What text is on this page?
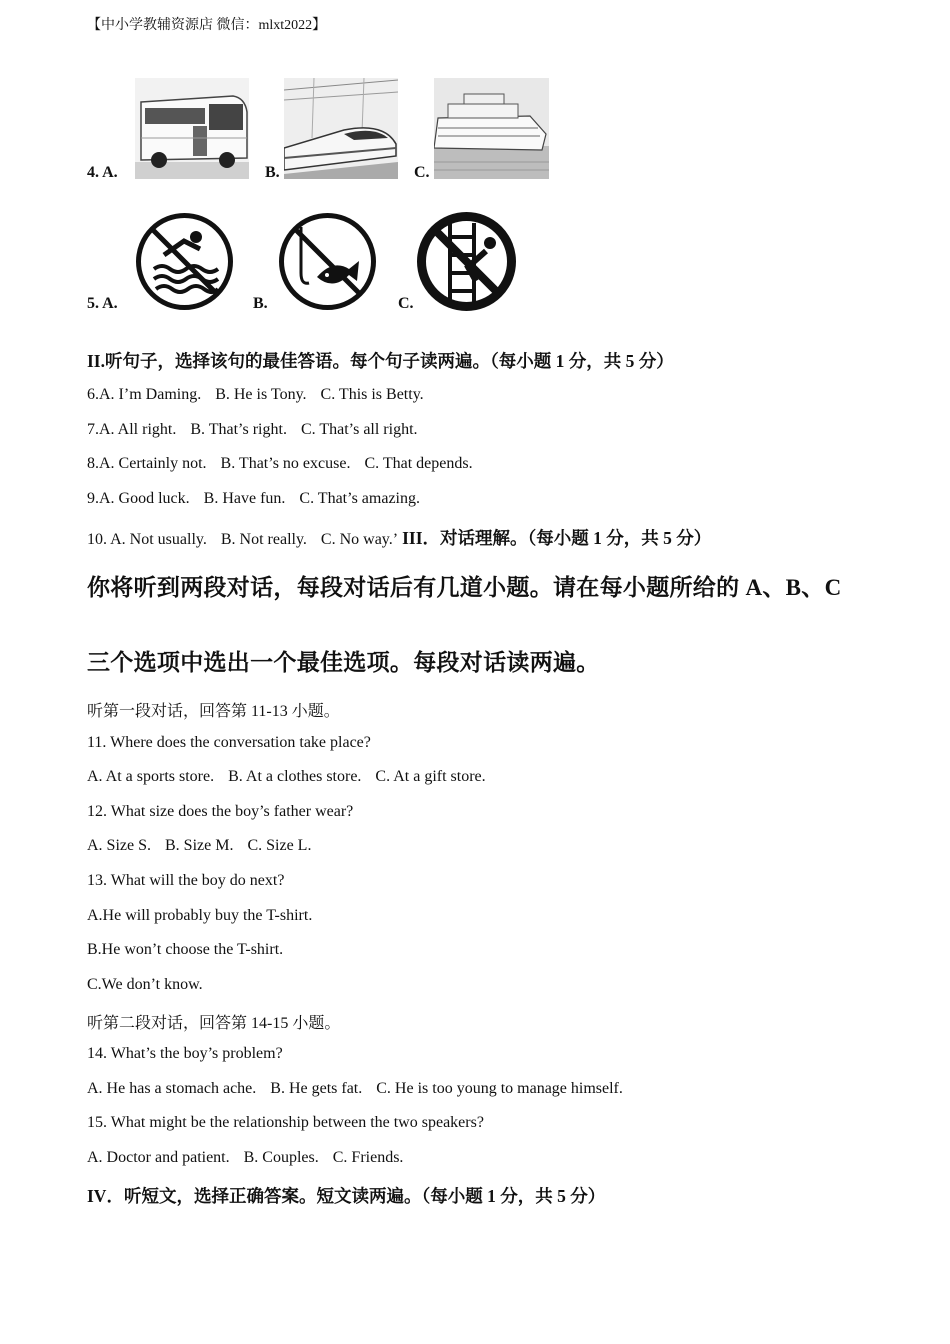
【中小学教辅资源店 微信：mlxt2022】
4. A.	B.	C.
5. A.	B.	C.
II.听句子，选择该句的最佳答语。每个句子读两遍。（每小题 1 分，共 5 分）
6.A. I’m Daming. B. He is Tony. C. This is Betty.
7.A. All right. B. That’s right. C. That’s all right.
8.A. Certainly not. B. That’s no excuse. C. That depends.
9.A. Good luck. B. Have fun. C. That’s amazing.
10. A. Not usually. B. Not really. C. No way.’ III．对话理解。（每小题 1 分，共 5 分）
你将听到两段对话，每段对话后有几道小题。请在每小题所给的 A、B、C
三个选项中选出一个最佳选项。每段对话读两遍。
听第一段对话，回答第 11-13 小题。
11. Where does the conversation take place?
A. At a sports store. B. At a clothes store. C. At a gift store.
12. What size does the boy’s father wear?
A. Size S. B. Size M. C. Size L.
13. What will the boy do next?
A.He will probably buy the T-shirt.
B.He won’t choose the T-shirt.
C.We don’t know.
听第二段对话，回答第 14-15 小题。
14. What’s the boy’s problem?
A. He has a stomach ache. B. He gets fat. C. He is too young to manage himself.
15. What might be the relationship between the two speakers?
A. Doctor and patient. B. Couples. C. Friends.
IV．听短文，选择正确答案。短文读两遍。（每小题 1 分，共 5 分）
